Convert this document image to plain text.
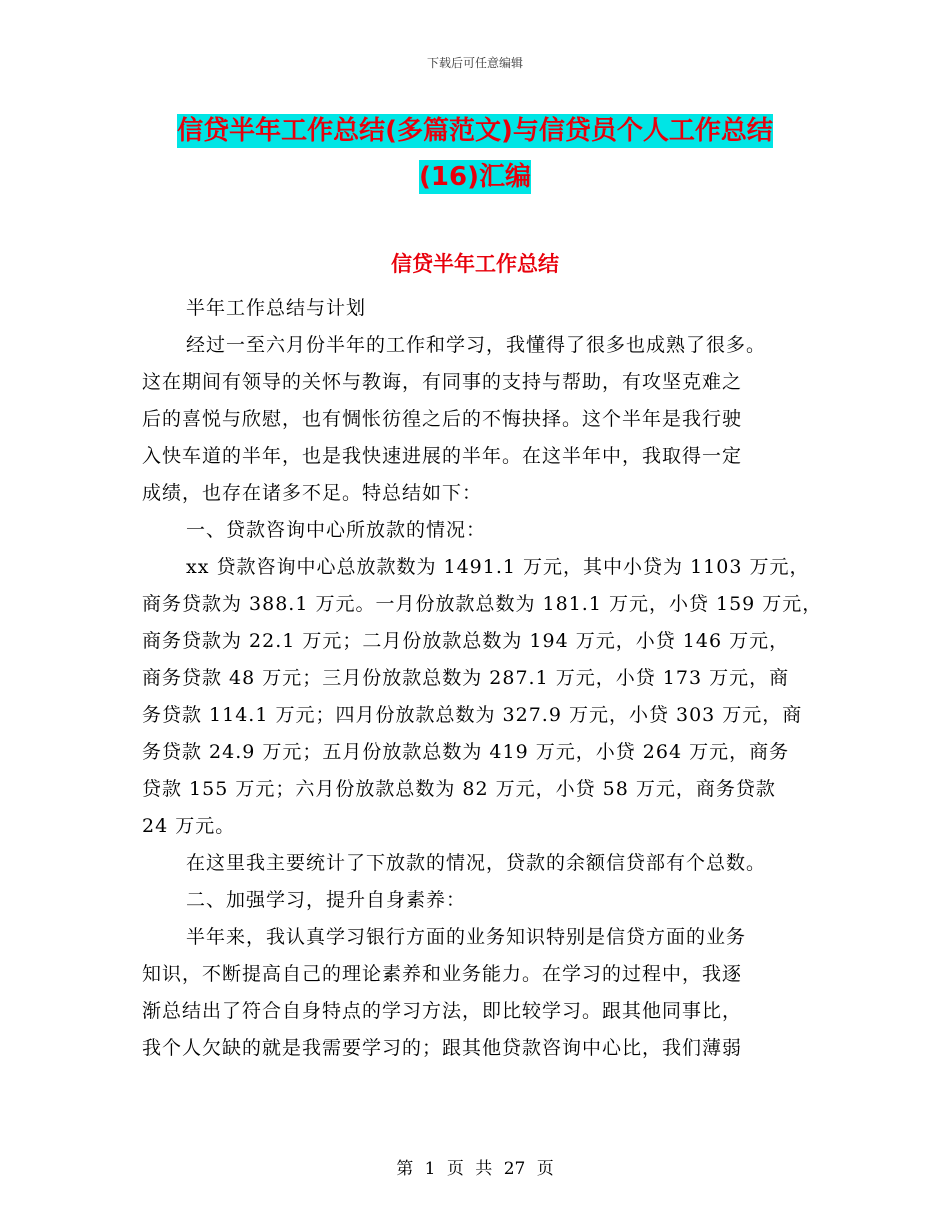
下载后可任意编辑
信贷半年工作总结(多篇范文)与信贷员个人工作总结
(16)汇编
信贷半年工作总结
半年工作总结与计划
经过一至六月份半年的工作和学习，我懂得了很多也成熟了很多。
这在期间有领导的关怀与教诲，有同事的支持与帮助，有攻坚克难之
后的喜悦与欣慰，也有惆怅彷徨之后的不悔抉择。这个半年是我行驶
入快车道的半年，也是我快速进展的半年。在这半年中，我取得一定
成绩，也存在诸多不足。特总结如下：
一、贷款咨询中心所放款的情况：
xx 贷款咨询中心总放款数为 1491.1 万元，其中小贷为 1103 万元，
商务贷款为 388.1 万元。一月份放款总数为 181.1 万元，小贷 159 万元，
商务贷款为 22.1 万元；二月份放款总数为 194 万元，小贷 146 万元，
商务贷款 48 万元；三月份放款总数为 287.1 万元，小贷 173 万元，商
务贷款 114.1 万元；四月份放款总数为 327.9 万元，小贷 303 万元，商
务贷款 24.9 万元；五月份放款总数为 419 万元，小贷 264 万元，商务
贷款 155 万元；六月份放款总数为 82 万元，小贷 58 万元，商务贷款
24 万元。
在这里我主要统计了下放款的情况，贷款的余额信贷部有个总数。
二、加强学习，提升自身素养：
半年来，我认真学习银行方面的业务知识特别是信贷方面的业务
知识，不断提高自己的理论素养和业务能力。在学习的过程中，我逐
渐总结出了符合自身特点的学习方法，即比较学习。跟其他同事比，
我个人欠缺的就是我需要学习的；跟其他贷款咨询中心比，我们薄弱
第 1 页 共 27 页
